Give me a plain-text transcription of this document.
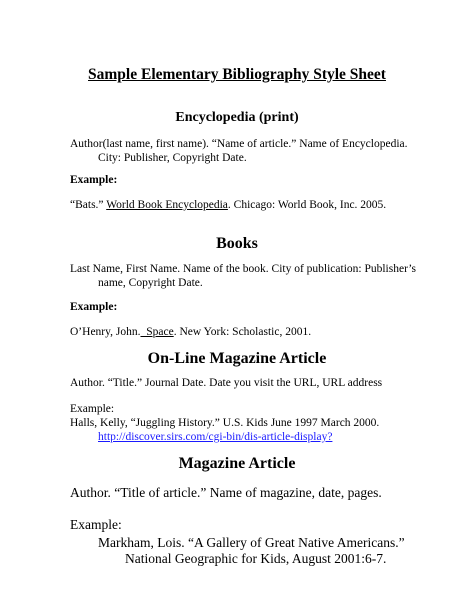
Sample Elementary Bibliography Style Sheet
Encyclopedia (print)
Author(last name, first name). “Name of article.” Name of Encyclopedia.
City: Publisher, Copyright Date.
Example:
“Bats.” World Book Encyclopedia. Chicago: World Book, Inc. 2005.
Books
Last Name, First Name. Name of the book. City of publication: Publisher’s
name, Copyright Date.
Example:
O’Henry, John.  Space. New York: Scholastic, 2001.
On-Line Magazine Article
Author. “Title.” Journal Date. Date you visit the URL, URL address
Example:
Halls, Kelly, “Juggling History.” U.S. Kids June 1997 March 2000.
http://discover.sirs.com/cgi-bin/dis-article-display?
Magazine Article
Author. “Title of article.” Name of magazine, date, pages.
Example:
Markham, Lois. “A Gallery of Great Native Americans.”
National Geographic for Kids, August 2001:6-7.
